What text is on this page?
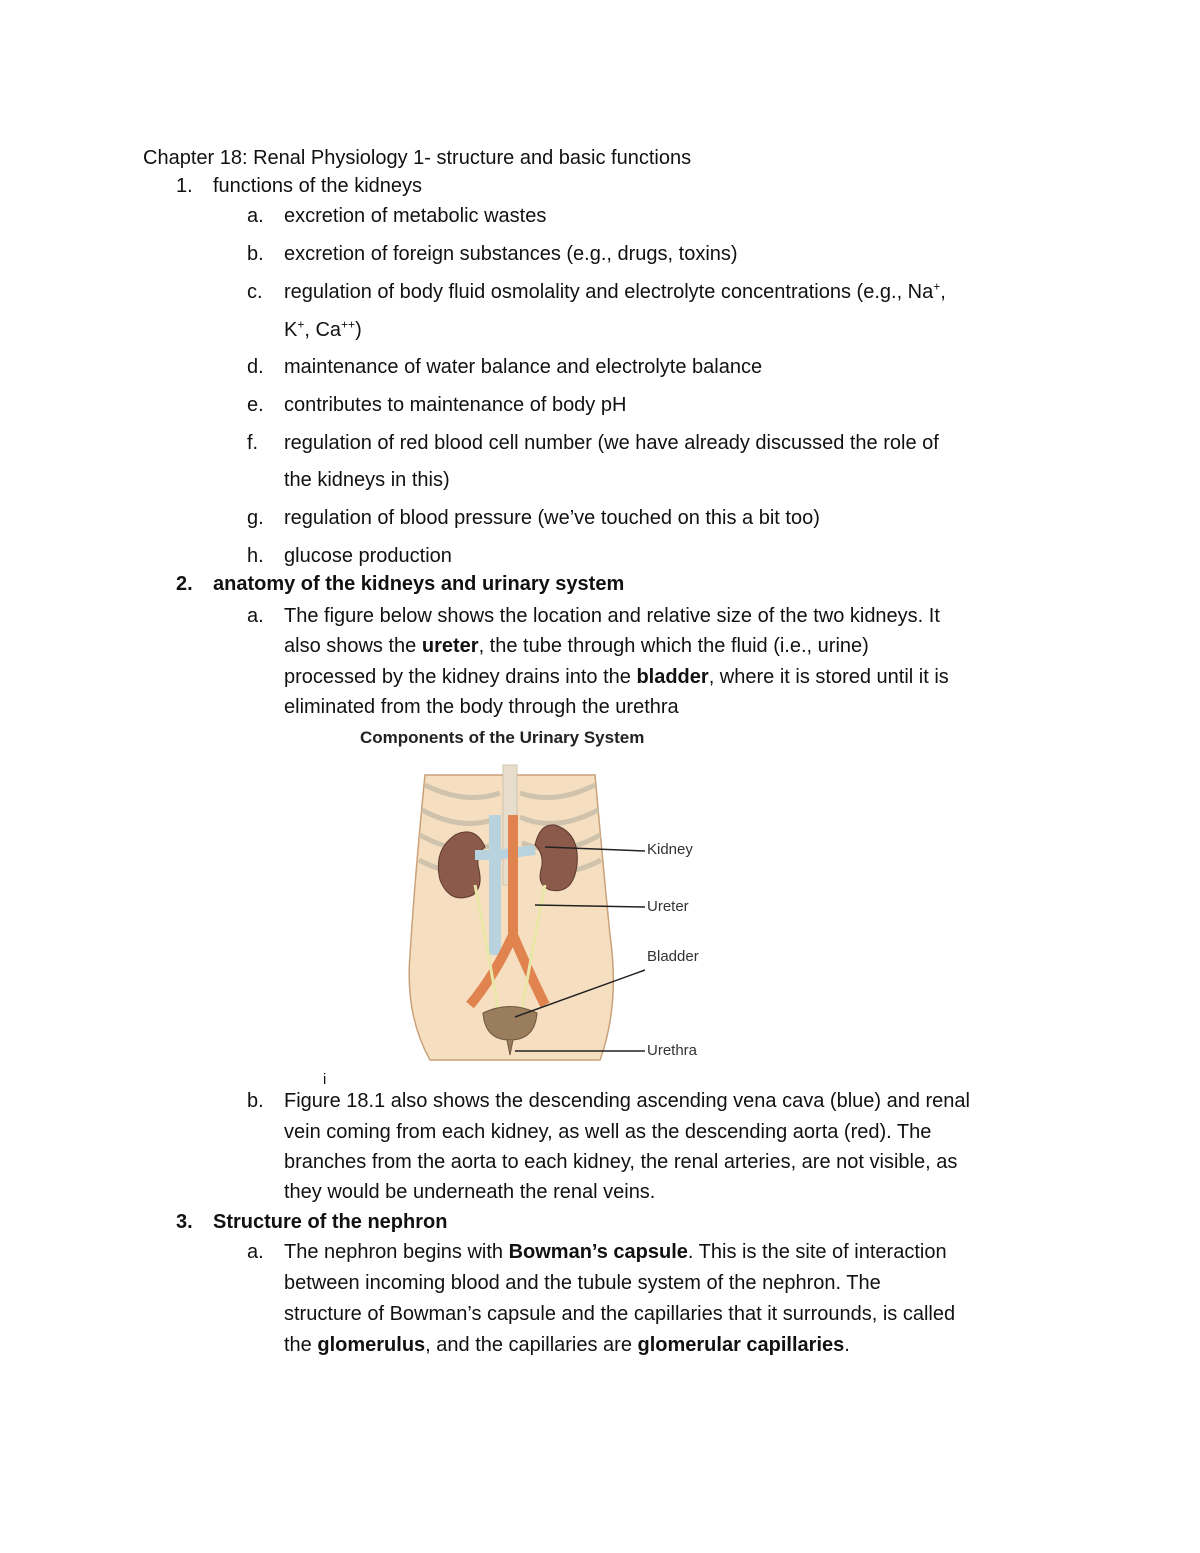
Chapter 18: Renal Physiology 1- structure and basic functions
1. functions of the kidneys
a. excretion of metabolic wastes
b. excretion of foreign substances (e.g., drugs, toxins)
c. regulation of body fluid osmolality and electrolyte concentrations (e.g., Na+,
K+, Ca++)
d. maintenance of water balance and electrolyte balance
e. contributes to maintenance of body pH
f. regulation of red blood cell number (we have already discussed the role of
the kidneys in this)
g. regulation of blood pressure (we’ve touched on this a bit too)
h. glucose production
2. anatomy of the kidneys and urinary system
a. The figure below shows the location and relative size of the two kidneys. It
also shows the ureter, the tube through which the fluid (i.e., urine)
processed by the kidney drains into the bladder, where it is stored until it is
eliminated from the body through the urethra
Components of the Urinary System
Kidney
Ureter
Bladder
Urethra
i
b. Figure 18.1 also shows the descending ascending vena cava (blue) and renal
vein coming from each kidney, as well as the descending aorta (red). The
branches from the aorta to each kidney, the renal arteries, are not visible, as
they would be underneath the renal veins.
3. Structure of the nephron
a. The nephron begins with Bowman’s capsule. This is the site of interaction
between incoming blood and the tubule system of the nephron. The
structure of Bowman’s capsule and the capillaries that it surrounds, is called
the glomerulus, and the capillaries are glomerular capillaries.
